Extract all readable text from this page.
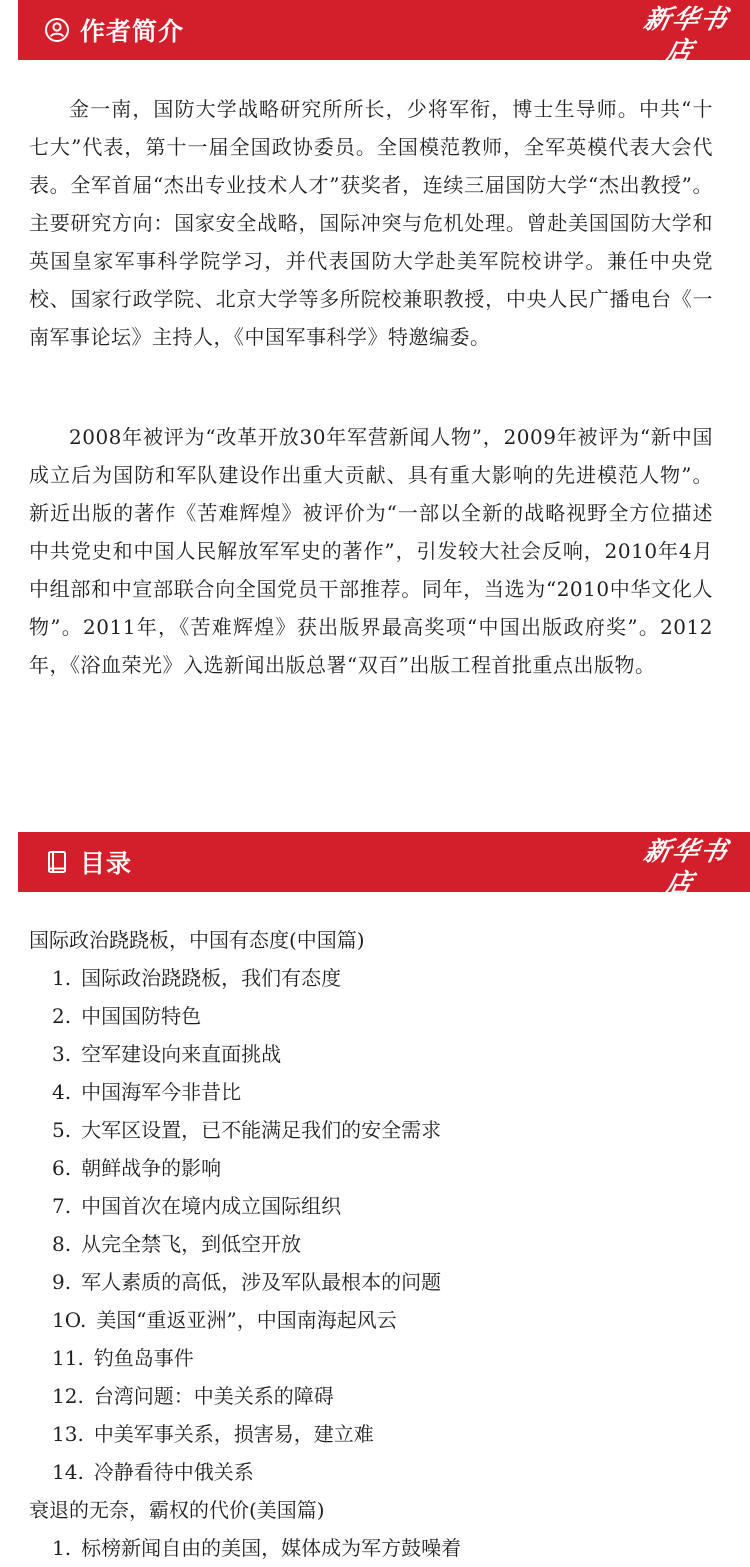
作者简介	新华书店
XINHUA BOOKSTORE

金一南，国防大学战略研究所所长，少将军衔，博士生导师。中共“十七大”代表，第十一届全国政协委员。全国模范教师，全军英模代表大会代表。全军首届“杰出专业技术人才”获奖者，连续三届国防大学“杰出教授”。主要研究方向：国家安全战略，国际冲突与危机处理。曾赴美国国防大学和英国皇家军事科学院学习，并代表国防大学赴美军院校讲学。兼任中央党校、国家行政学院、北京大学等多所院校兼职教授，中央人民广播电台《一南军事论坛》主持人，《中国军事科学》特邀编委。

2008年被评为“改革开放30年军营新闻人物”，2009年被评为“新中国成立后为国防和军队建设作出重大贡献、具有重大影响的先进模范人物”。新近出版的著作《苦难辉煌》被评价为“一部以全新的战略视野全方位描述中共党史和中国人民解放军军史的著作”，引发较大社会反响，2010年4月中组部和中宣部联合向全国党员干部推荐。同年，当选为“2010中华文化人物”。2011年，《苦难辉煌》获出版界最高奖项“中国出版政府奖”。2012年，《浴血荣光》入选新闻出版总署“双百”出版工程首批重点出版物。

目录	新华书店
XINHUA BOOKSTORE
国际政治跷跷板，中国有态度(中国篇)
1. 国际政治跷跷板，我们有态度
2. 中国国防特色
3. 空军建设向来直面挑战
4. 中国海军今非昔比
5. 大军区设置，已不能满足我们的安全需求
6. 朝鲜战争的影响
7. 中国首次在境内成立国际组织
8. 从完全禁飞，到低空开放
9. 军人素质的高低，涉及军队最根本的问题
1O. 美国“重返亚洲”，中国南海起风云
11. 钓鱼岛事件
12. 台湾问题：中美关系的障碍
13. 中美军事关系，损害易，建立难
14. 冷静看待中俄关系
衰退的无奈，霸权的代价(美国篇)
1. 标榜新闻自由的美国，媒体成为军方鼓噪着
